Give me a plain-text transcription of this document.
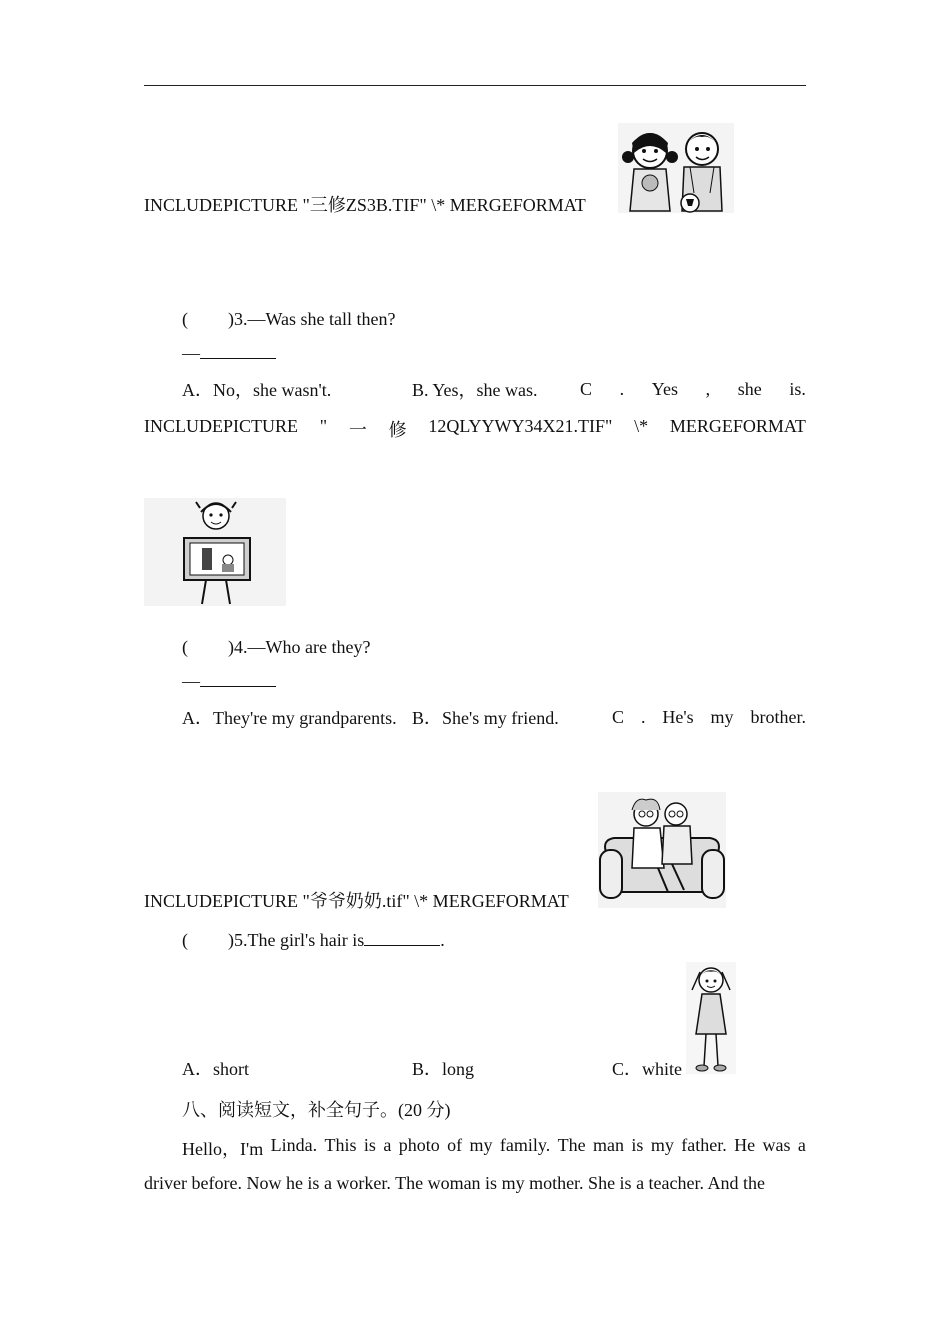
INCLUDEPICTURE "三修ZS3B.TIF" \* MERGEFORMAT
( )3.—Was she tall then?
—
A．No，she wasn't.	B. Yes，she was. C . Yes , she is.
INCLUDEPICTURE " 一 修 12QLYYWY34X21.TIF" \* MERGEFORMAT
( )4.—Who are they?
—
A．They're my grandparents. B．She's my friend.	C . He's my brother.
INCLUDEPICTURE "爷爷奶奶.tif" \* MERGEFORMAT
( )5.The girl's hair is	.
A．short	B．long	C．white
八、阅读短文，补全句子。(20 分)
Hello，I'm Linda. This is a photo of my family. The man is my father. He was a
driver before. Now he is a worker. The woman is my mother. She is a teacher. And the
